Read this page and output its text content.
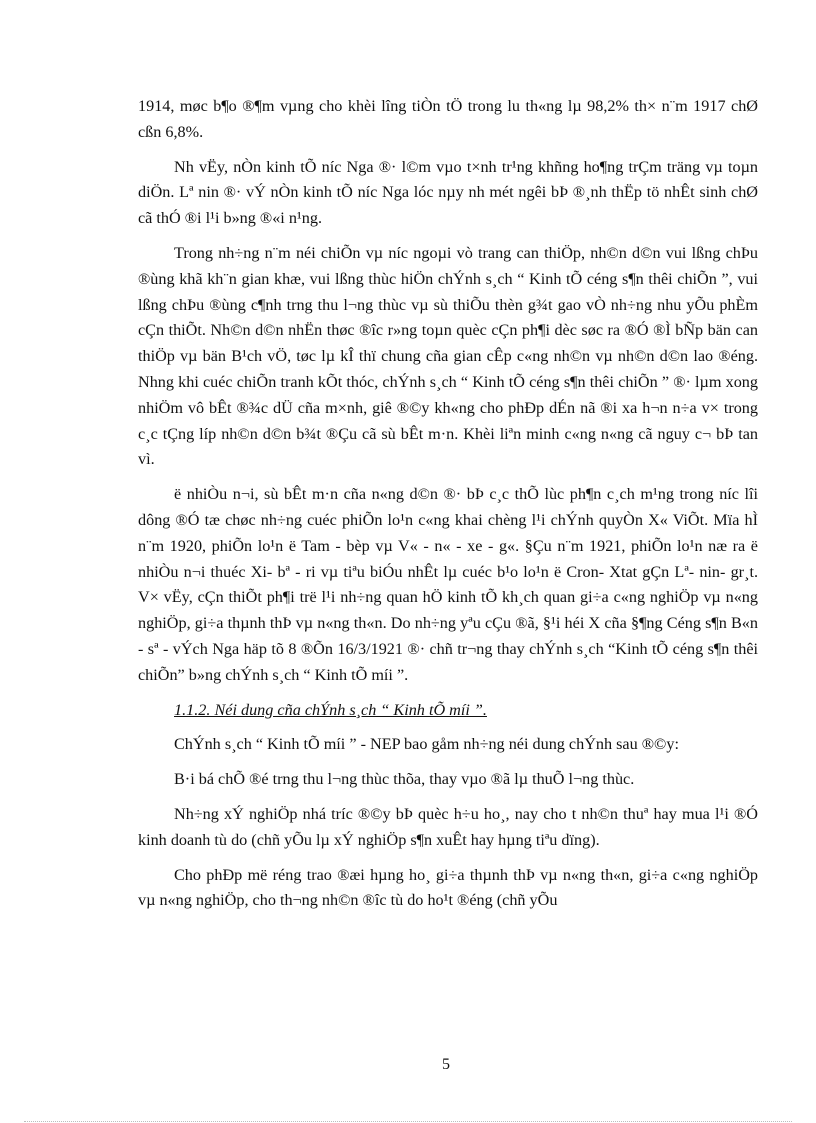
1914, møc b¶o ®¶m vµng cho khèi lîng tiÒn tÖ trong lu th«ng lµ 98,2% th× n¨m 1917 chØ cßn 6,8%.

Nh vËy, nÒn kinh tÕ níc Nga ®· l©m vµo t×nh tr¹ng khñng ho¶ng trÇm träng vµ toµn diÖn. Lª nin ®· vÝ nÒn kinh tÕ níc Nga lóc nµy nh mét ngêi bÞ ®¸nh thËp tö nhÊt sinh chØ cã thÓ ®i l¹i b»ng ®«i n¹ng.

Trong nh÷ng n¨m néi chiÕn vµ níc ngoµi vò trang can thiÖp, nh©n d©n vui lßng chÞu ®ùng khã kh¨n gian khæ, vui lßng thùc hiÖn chÝnh s¸ch “ Kinh tÕ céng s¶n thêi chiÕn ”, vui lßng chÞu ®ùng c¶nh trng thu l¬ng thùc vµ sù thiÕu thèn g¾t gao vÒ nh÷ng nhu yÕu phÈm cÇn thiÕt. Nh©n d©n nhËn thøc ®îc r»ng toµn quèc cÇn ph¶i dèc søc ra ®Ó ®Ì bÑp bän can thiÖp vµ bän B¹ch vÖ, tøc lµ kÎ thï chung cña gian cÊp c«ng nh©n vµ nh©n d©n lao ®éng. Nhng khi cuéc chiÕn tranh kÕt thóc, chÝnh s¸ch “ Kinh tÕ céng s¶n thêi chiÕn ” ®· lµm xong nhiÖm vô bÊt ®¾c dÜ cña m×nh, giê ®©y kh«ng cho phÐp dÉn nã ®i xa h¬n n÷a v× trong c¸c tÇng líp nh©n d©n b¾t ®Çu cã sù bÊt m·n. Khèi liªn minh c«ng n«ng cã nguy c¬ bÞ tan vì.

ë nhiÒu n¬i, sù bÊt m·n cña n«ng d©n ®· bÞ c¸c thÕ lùc ph¶n c¸ch m¹ng trong níc lîi dông ®Ó tæ chøc nh÷ng cuéc phiÕn lo¹n c«ng khai chèng l¹i chÝnh quyÒn X« ViÕt. Mïa hÌ n¨m 1920, phiÕn lo¹n ë Tam - bèp vµ V« - n« - xe - g«. §Çu n¨m 1921, phiÕn lo¹n næ ra ë nhiÒu n¬i thuéc Xi- bª - ri vµ tiªu biÓu nhÊt lµ cuéc b¹o lo¹n ë Cron- Xtat gÇn Lª- nin- gr¸t. V× vËy, cÇn thiÕt ph¶i trë l¹i nh÷ng quan hÖ kinh tÕ kh¸ch quan gi÷a c«ng nghiÖp vµ n«ng nghiÖp, gi÷a thµnh thÞ vµ n«ng th«n. Do nh÷ng yªu cÇu ®ã, §¹i héi X cña §¶ng Céng s¶n B«n - sª - vÝch Nga häp tõ 8 ®Õn 16/3/1921 ®· chñ tr¬ng thay chÝnh s¸ch “Kinh tÕ céng s¶n thêi chiÕn” b»ng chÝnh s¸ch “ Kinh tÕ míi ”.

1.1.2. Néi dung cña chÝnh s¸ch “ Kinh tÕ míi ”.

ChÝnh s¸ch “ Kinh tÕ míi ” - NEP bao gåm nh÷ng néi dung chÝnh sau ®©y:

B·i bá chÕ ®é trng thu l¬ng thùc thõa, thay vµo ®ã lµ thuÕ l¬ng thùc.

Nh÷ng xÝ nghiÖp nhá tríc ®©y bÞ quèc h÷u ho¸, nay cho t nh©n thuª hay mua l¹i ®Ó kinh doanh tù do (chñ yÕu lµ xÝ nghiÖp s¶n xuÊt hay hµng tiªu dïng).

Cho phÐp më réng trao ®æi hµng ho¸ gi÷a thµnh thÞ vµ n«ng th«n, gi÷a c«ng nghiÖp vµ n«ng nghiÖp, cho th¬ng nh©n ®îc tù do ho¹t ®éng (chñ yÕu

5
